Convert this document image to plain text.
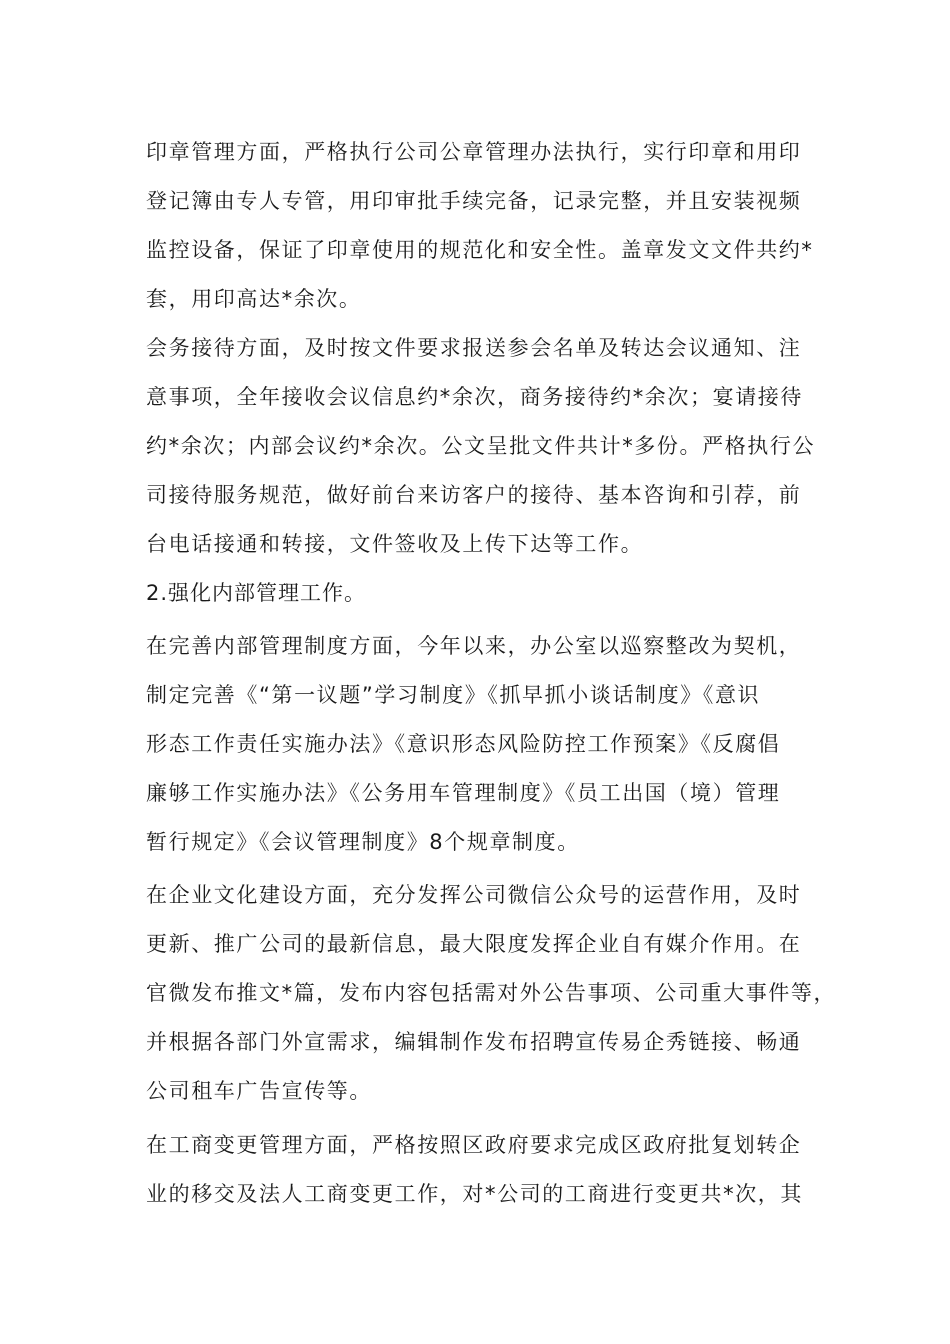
印章管理方面，严格执行公司公章管理办法执行，实行印章和用印
登记簿由专人专管，用印审批手续完备，记录完整，并且安装视频
监控设备，保证了印章使用的规范化和安全性。盖章发文文件共约*
套，用印高达*余次。

会务接待方面，及时按文件要求报送参会名单及转达会议通知、注
意事项，全年接收会议信息约*余次，商务接待约*余次；宴请接待
约*余次；内部会议约*余次。公文呈批文件共计*多份。严格执行公
司接待服务规范，做好前台来访客户的接待、基本咨询和引荐，前
台电话接通和转接，文件签收及上传下达等工作。

2.强化内部管理工作。

在完善内部管理制度方面，今年以来，办公室以巡察整改为契机，
制定完善《“第一议题”学习制度》《抓早抓小谈话制度》《意识
形态工作责任实施办法》《意识形态风险防控工作预案》《反腐倡
廉够工作实施办法》《公务用车管理制度》《员工出国（境）管理
暂行规定》《会议管理制度》8个规章制度。

在企业文化建设方面，充分发挥公司微信公众号的运营作用，及时
更新、推广公司的最新信息，最大限度发挥企业自有媒介作用。在
官微发布推文*篇，发布内容包括需对外公告事项、公司重大事件等，
并根据各部门外宣需求，编辑制作发布招聘宣传易企秀链接、畅通
公司租车广告宣传等。

在工商变更管理方面，严格按照区政府要求完成区政府批复划转企
业的移交及法人工商变更工作，对*公司的工商进行变更共*次，其
